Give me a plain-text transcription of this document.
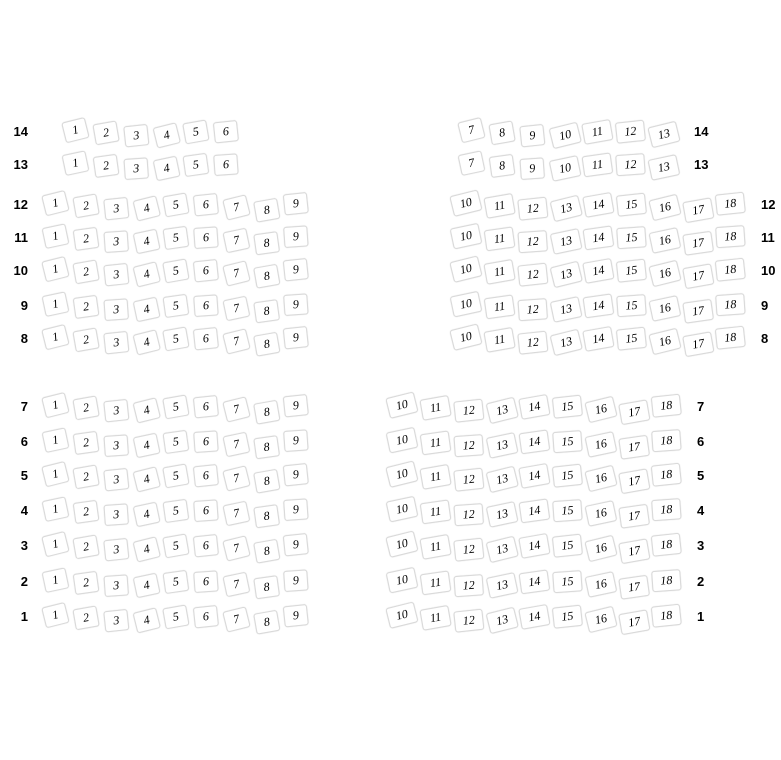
14	1	2	3	4	5	6
13	1	2	3	4	5	6
12	1	2	3	4	5	6	7	8	9
11	1	2	3	4	5	6	7	8	9
10	1	2	3	4	5	6	7	8	9
9	1	2	3	4	5	6	7	8	9
8	1	2	3	4	5	6	7	8	9
7	8	9	10	11	12	13	14
7	8	9	10	11	12	13	13
10	11	12	13	14	15	16	17	18	12
10	11	12	13	14	15	16	17	18	11
10	11	12	13	14	15	16	17	18	10
10	11	12	13	14	15	16	17	18	9
10	11	12	13	14	15	16	17	18	8
7	1	2	3	4	5	6	7	8	9
6	1	2	3	4	5	6	7	8	9
5	1	2	3	4	5	6	7	8	9
4	1	2	3	4	5	6	7	8	9
3	1	2	3	4	5	6	7	8	9
2	1	2	3	4	5	6	7	8	9
1	1	2	3	4	5	6	7	8	9
10	11	12	13	14	15	16	17	18	7
10	11	12	13	14	15	16	17	18	6
10	11	12	13	14	15	16	17	18	5
10	11	12	13	14	15	16	17	18	4
10	11	12	13	14	15	16	17	18	3
10	11	12	13	14	15	16	17	18	2
10	11	12	13	14	15	16	17	18	1
